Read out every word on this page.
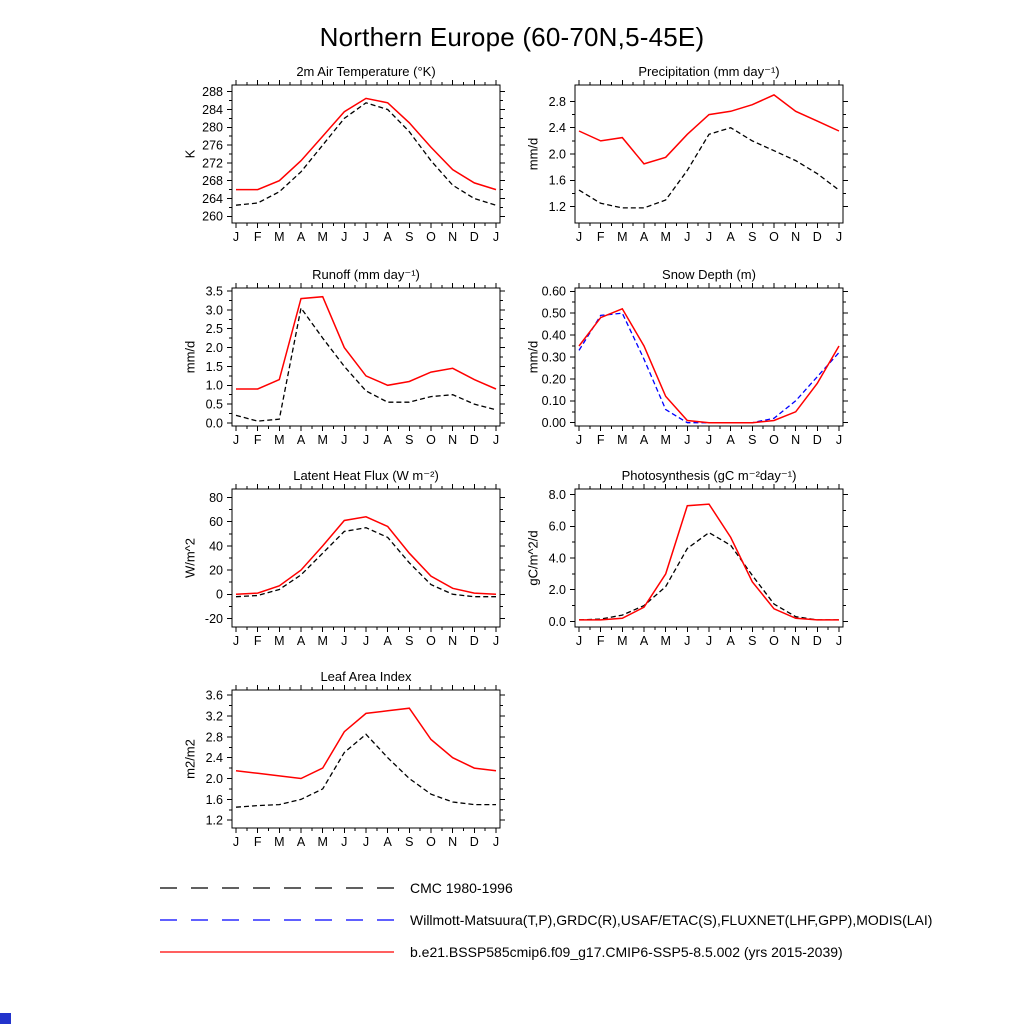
Northern Europe (60-70N,5-45E)
2m Air Temperature (°K)
K
J F M A M J J A S O N D J
260
264
268
272
276
280
284
288
Precipitation (mm day⁻¹)
mm/d
J F M A M J J A S O N D J
1.2
1.6
2.0
2.4
2.8
Runoff (mm day⁻¹)
mm/d
J F M A M J J A S O N D J
0.0
0.5
1.0
1.5
2.0
2.5
3.0
3.5
Snow Depth (m)
mm/d
J F M A M J J A S O N D J
0.00
0.10
0.20
0.30
0.40
0.50
0.60
Latent Heat Flux (W m⁻²)
W/m^2
J F M A M J J A S O N D J
-20
0
20
40
60
80
Photosynthesis (gC m⁻²day⁻¹)
gC/m^2/d
J F M A M J J A S O N D J
0.0
2.0
4.0
6.0
8.0
Leaf Area Index
m2/m2
J F M A M J J A S O N D J
1.2
1.6
2.0
2.4
2.8
3.2
3.6
CMC 1980-1996
Willmott-Matsuura(T,P),GRDC(R),USAF/ETAC(S),FLUXNET(LHF,GPP),MODIS(LAI)
b.e21.BSSP585cmip6.f09_g17.CMIP6-SSP5-8.5.002 (yrs 2015-2039)
